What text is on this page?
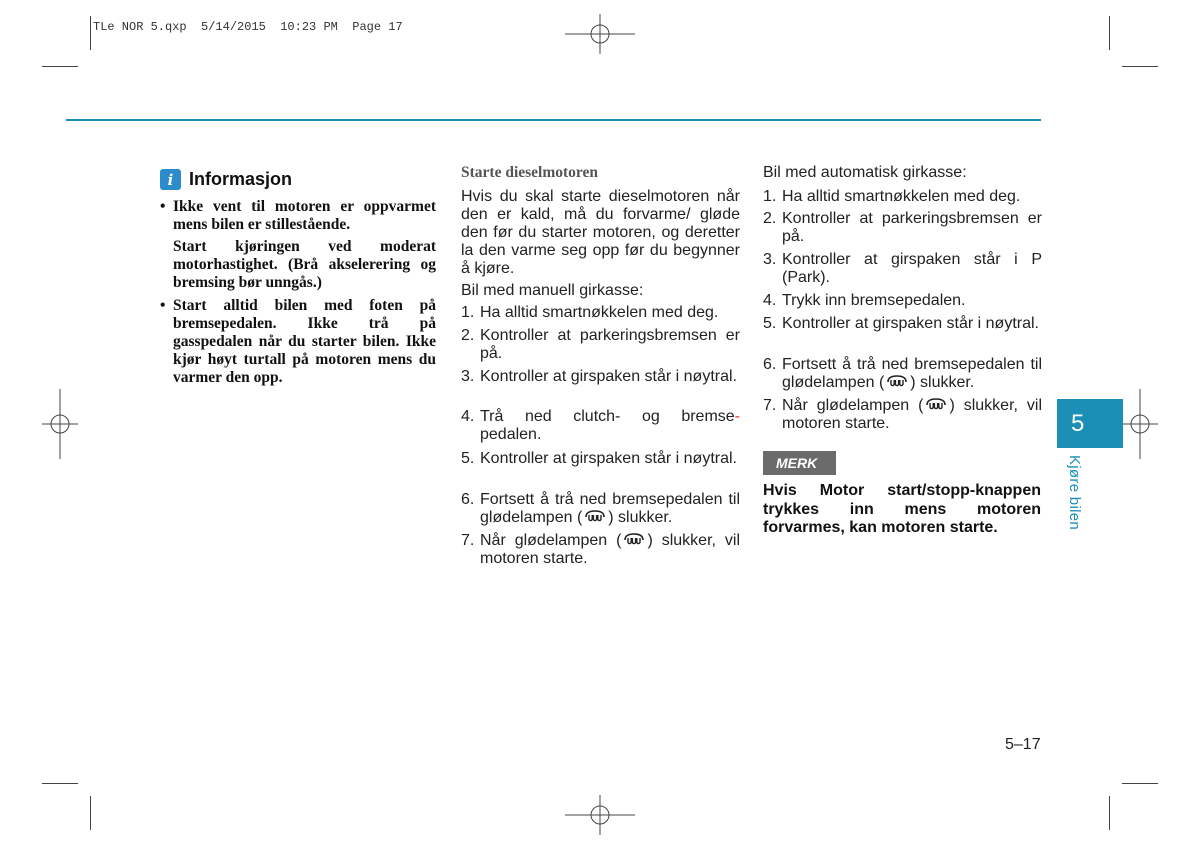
TLe NOR 5.qxp  5/14/2015  10:23 PM  Page 17
i Informasjon
• Ikke vent til motoren er oppvarmet mens bilen er stillestående.
Start kjøringen ved moderat motorhastighet. (Brå akselerering og bremsing bør unngås.)
• Start alltid bilen med foten på bremsepedalen. Ikke trå på gasspedalen når du starter bilen. Ikke kjør høyt turtall på motoren mens du varmer den opp.
Starte dieselmotoren
Hvis du skal starte dieselmotoren når den er kald, må du forvarme/ gløde den før du starter motoren, og deretter la den varme seg opp før du begynner å kjøre.
Bil med manuell girkasse:
1. Ha alltid smartnøkkelen med deg.
2. Kontroller at parkeringsbremsen er på.
3. Kontroller at girspaken står i nøytral.
4. Trå ned clutch- og bremse-
pedalen.
5. Kontroller at girspaken står i nøytral.
6. Fortsett å trå ned bremsepedalen til glødelampen ( ) slukker.
7. Når glødelampen ( ) slukker, vil motoren starte.
Bil med automatisk girkasse:
1. Ha alltid smartnøkkelen med deg.
2. Kontroller at parkeringsbremsen er på.
3. Kontroller at girspaken står i P (Park).
4. Trykk inn bremsepedalen.
5. Kontroller at girspaken står i nøytral.
6. Fortsett å trå ned bremsepedalen til glødelampen ( ) slukker.
7. Når glødelampen ( ) slukker, vil motoren starte.
MERK
Hvis Motor start/stopp-knappen trykkes inn mens motoren forvarmes, kan motoren starte.
5
Kjøre bilen
5–17
